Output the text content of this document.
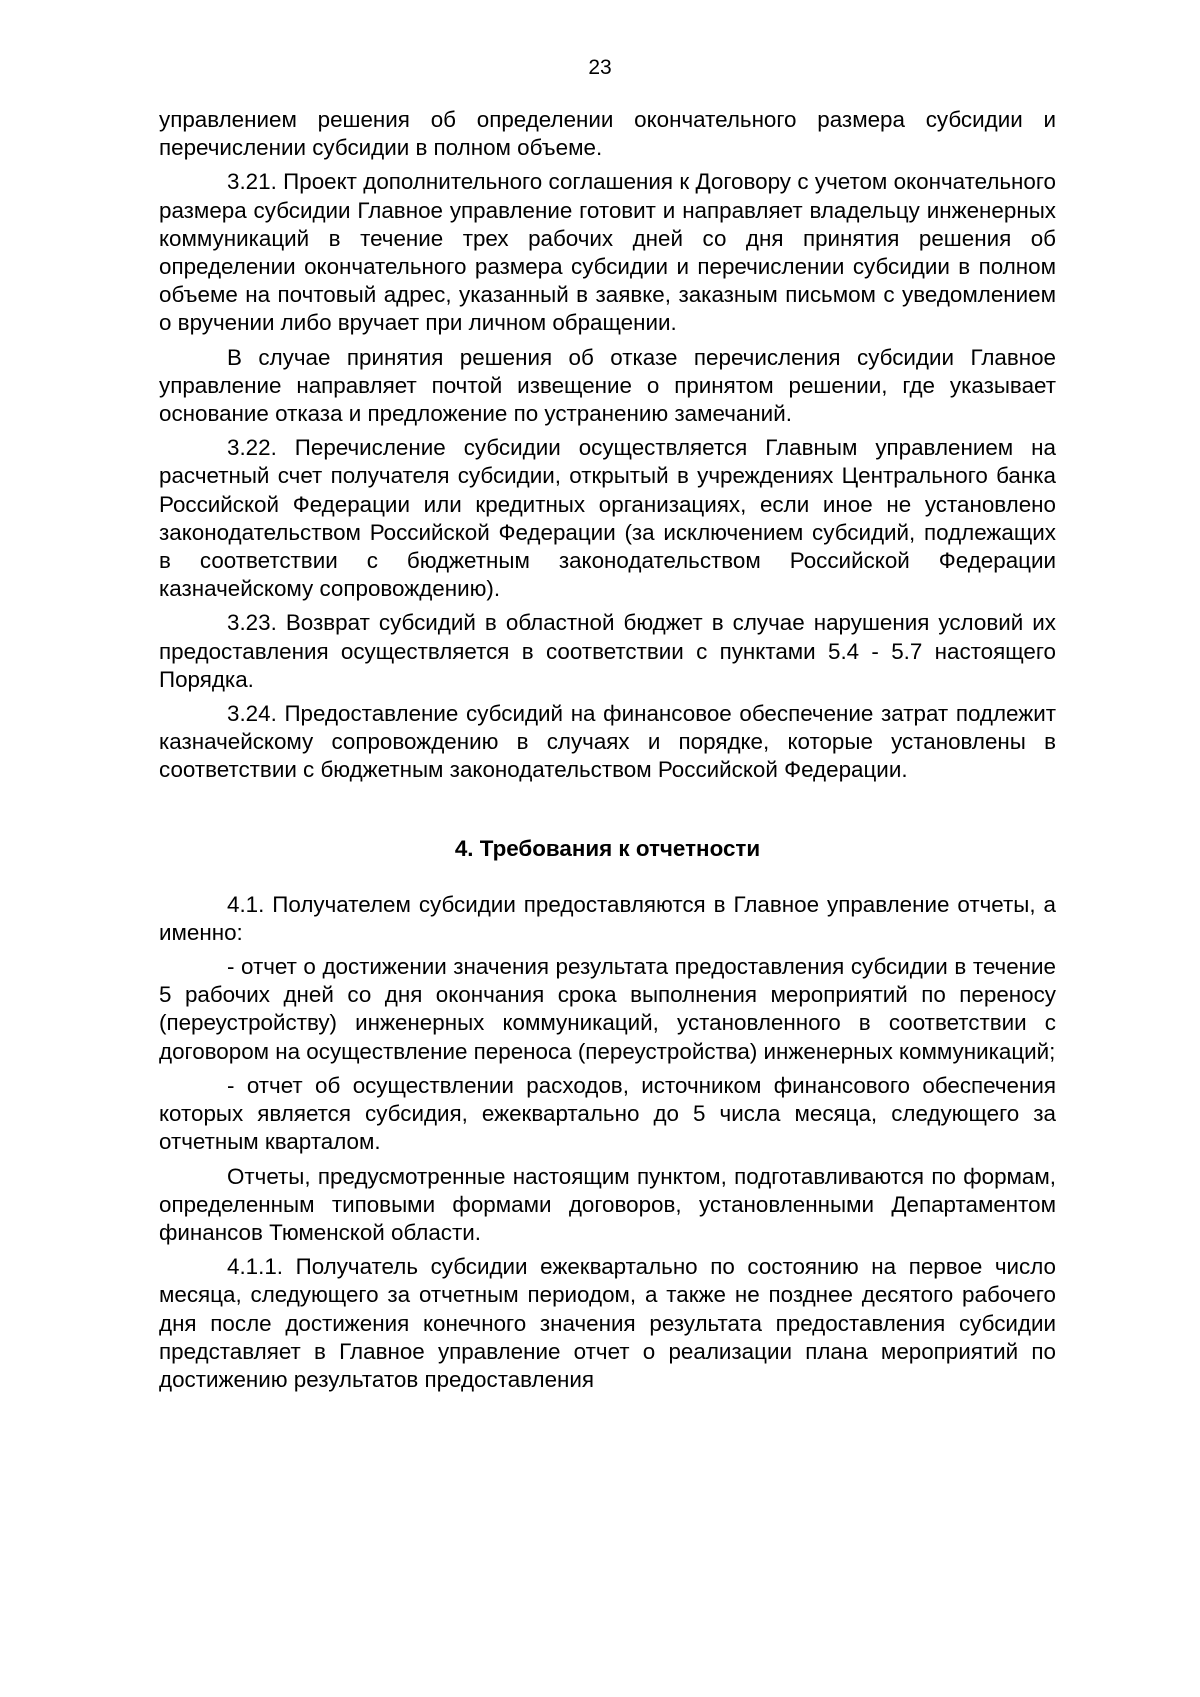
23

управлением решения об определении окончательного размера субсидии и перечислении субсидии в полном объеме.

3.21. Проект дополнительного соглашения к Договору с учетом окончательного размера субсидии Главное управление готовит и направляет владельцу инженерных коммуникаций в течение трех рабочих дней со дня принятия решения об определении окончательного размера субсидии и перечислении субсидии в полном объеме на почтовый адрес, указанный в заявке, заказным письмом с уведомлением о вручении либо вручает при личном обращении.

В случае принятия решения об отказе перечисления субсидии Главное управление направляет почтой извещение о принятом решении, где указывает основание отказа и предложение по устранению замечаний.

3.22. Перечисление субсидии осуществляется Главным управлением на расчетный счет получателя субсидии, открытый в учреждениях Центрального банка Российской Федерации или кредитных организациях, если иное не установлено законодательством Российской Федерации (за исключением субсидий, подлежащих в соответствии с бюджетным законодательством Российской Федерации казначейскому сопровождению).

3.23. Возврат субсидий в областной бюджет в случае нарушения условий их предоставления осуществляется в соответствии с пунктами 5.4 - 5.7 настоящего Порядка.

3.24. Предоставление субсидий на финансовое обеспечение затрат подлежит казначейскому сопровождению в случаях и порядке, которые установлены в соответствии с бюджетным законодательством Российской Федерации.

4. Требования к отчетности

4.1. Получателем субсидии предоставляются в Главное управление отчеты, а именно:

- отчет о достижении значения результата предоставления субсидии в течение 5 рабочих дней со дня окончания срока выполнения мероприятий по переносу (переустройству) инженерных коммуникаций, установленного в соответствии с договором на осуществление переноса (переустройства) инженерных коммуникаций;

- отчет об осуществлении расходов, источником финансового обеспечения которых является субсидия, ежеквартально до 5 числа месяца, следующего за отчетным кварталом.

Отчеты, предусмотренные настоящим пунктом, подготавливаются по формам, определенным типовыми формами договоров, установленными Департаментом финансов Тюменской области.

4.1.1. Получатель субсидии ежеквартально по состоянию на первое число месяца, следующего за отчетным периодом, а также не позднее десятого рабочего дня после достижения конечного значения результата предоставления субсидии представляет в Главное управление отчет о реализации плана мероприятий по достижению результатов предоставления
